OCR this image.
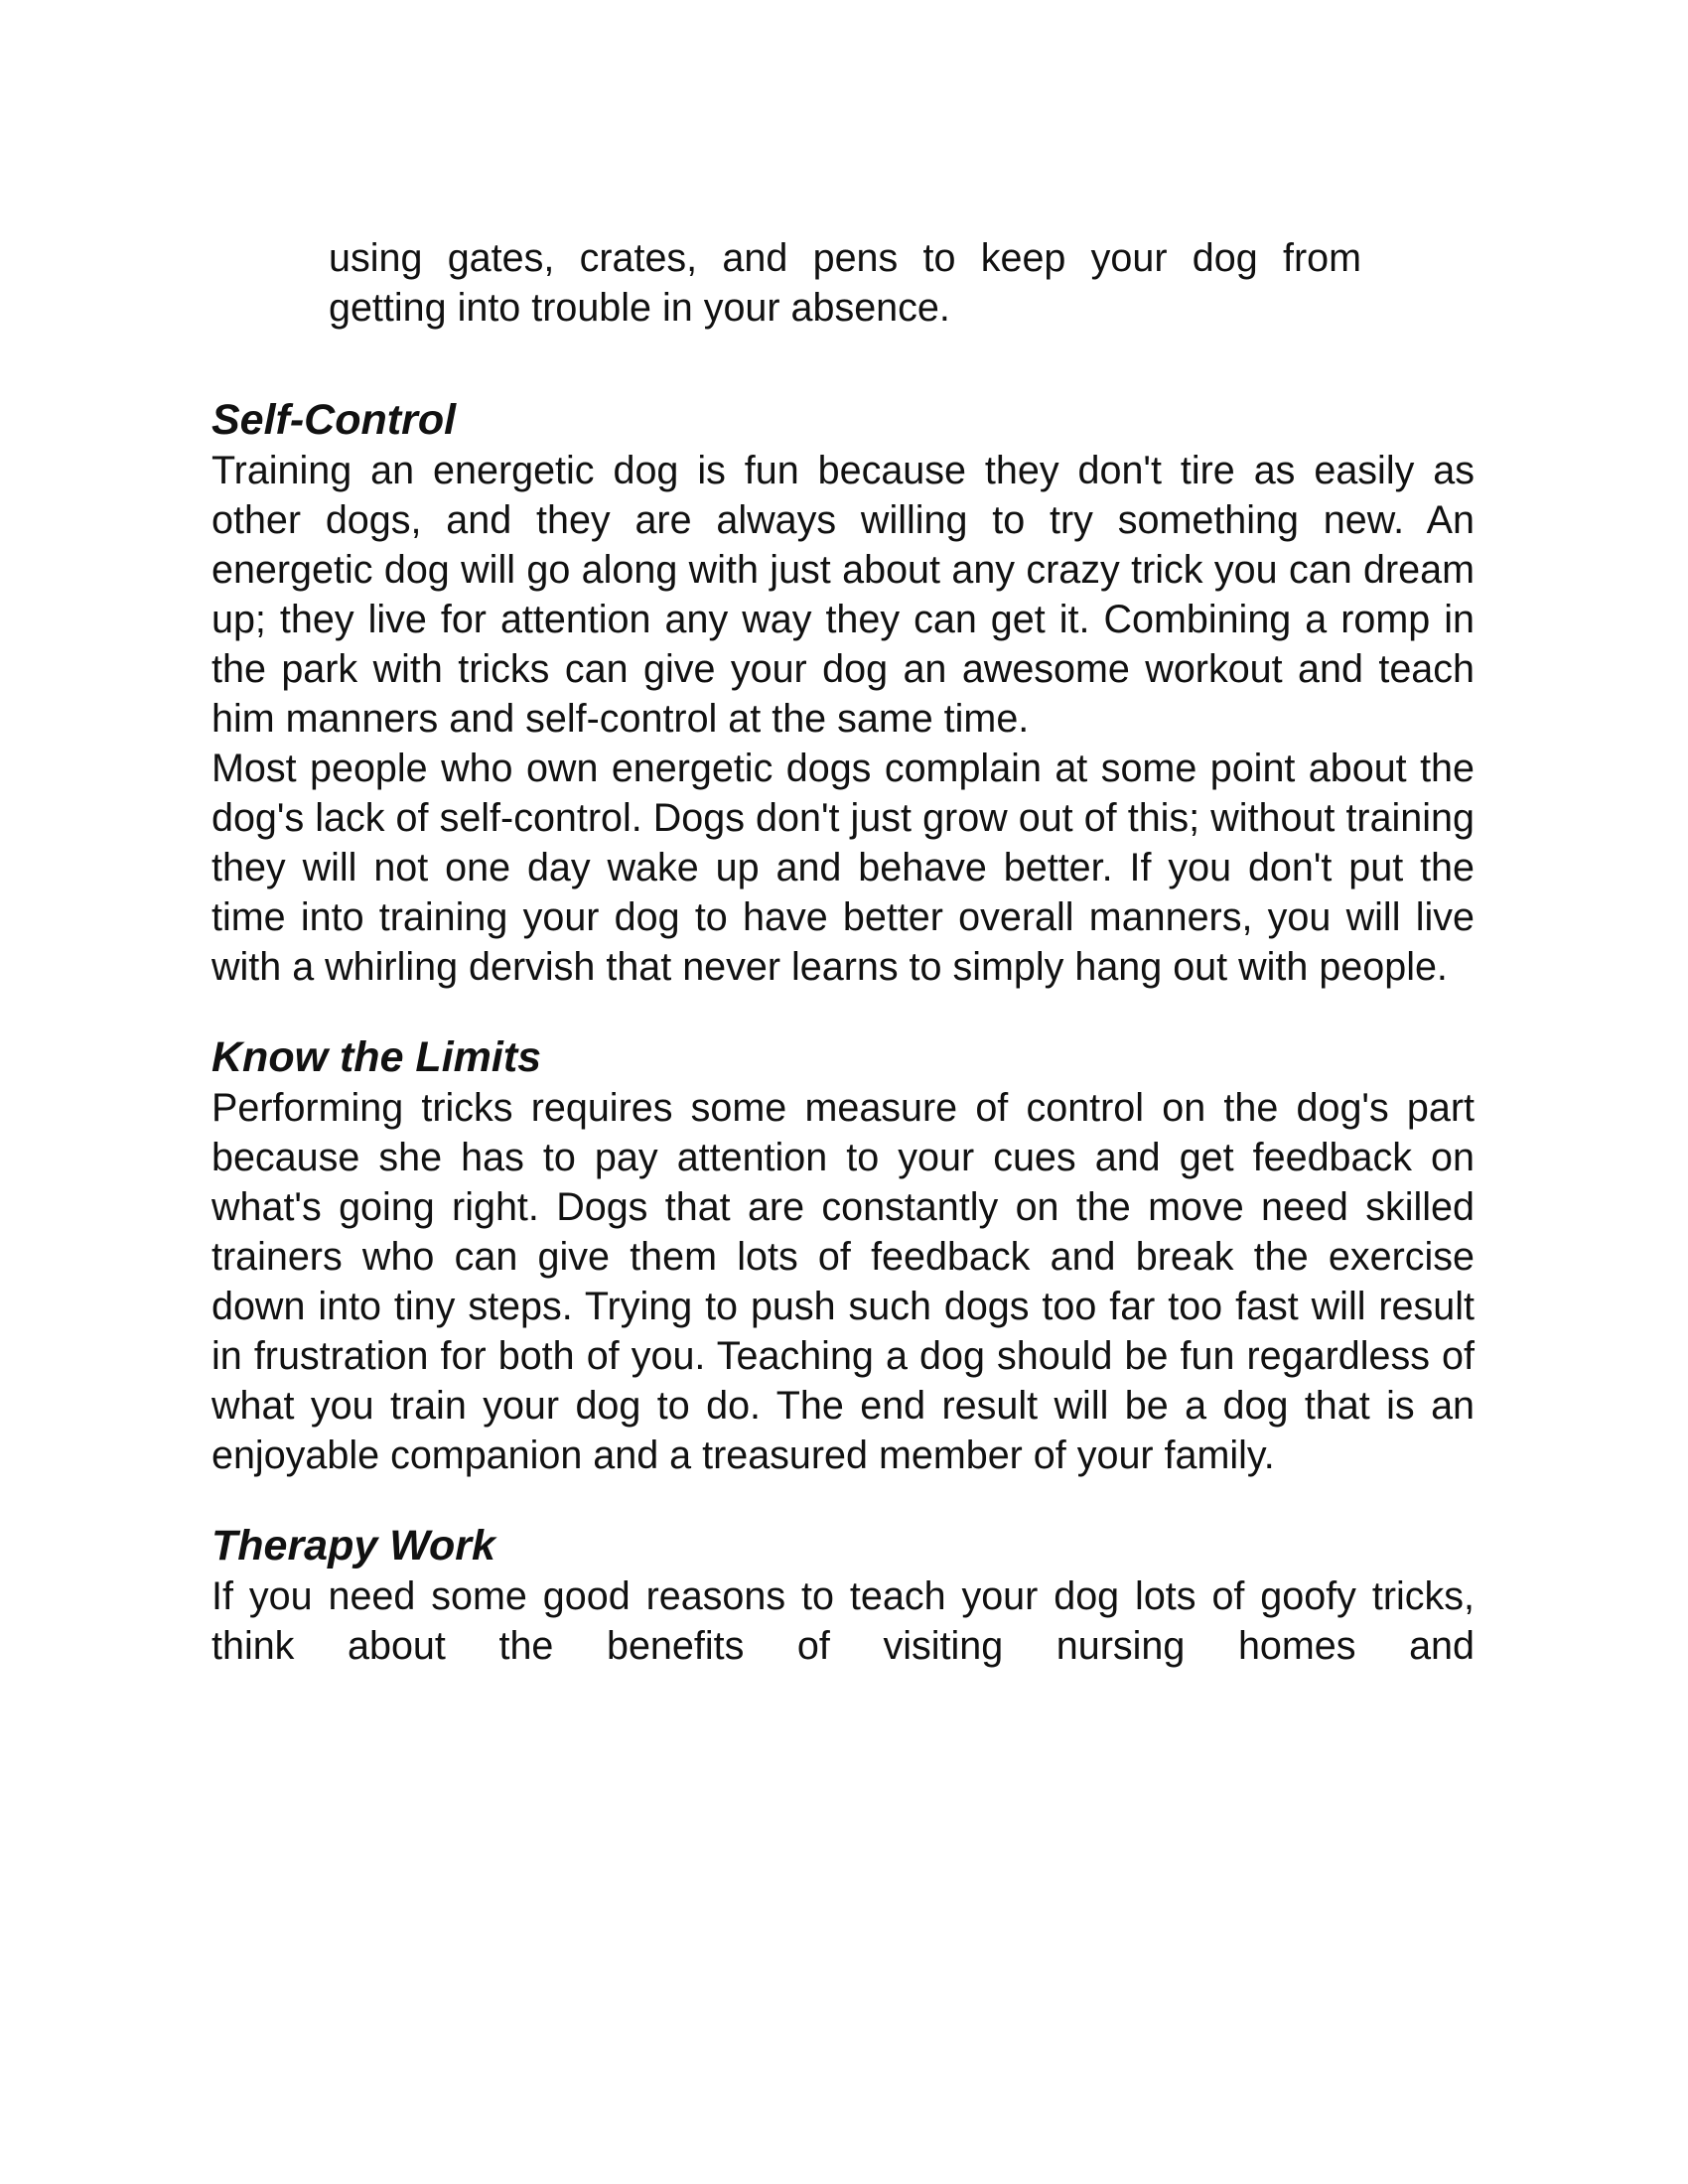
using gates, crates, and pens to keep your dog from getting into trouble in your absence.

Self-Control

Training an energetic dog is fun because they don't tire as easily as other dogs, and they are always willing to try something new. An energetic dog will go along with just about any crazy trick you can dream up; they live for attention any way they can get it. Combining a romp in the park with tricks can give your dog an awesome workout and teach him manners and self-control at the same time.

Most people who own energetic dogs complain at some point about the dog's lack of self-control. Dogs don't just grow out of this; without training they will not one day wake up and behave better. If you don't put the time into training your dog to have better overall manners, you will live with a whirling dervish that never learns to simply hang out with people.

Know the Limits

Performing tricks requires some measure of control on the dog's part because she has to pay attention to your cues and get feedback on what's going right. Dogs that are constantly on the move need skilled trainers who can give them lots of feedback and break the exercise down into tiny steps. Trying to push such dogs too far too fast will result in frustration for both of you. Teaching a dog should be fun regardless of what you train your dog to do. The end result will be a dog that is an enjoyable companion and a treasured member of your family.

Therapy Work

If you need some good reasons to teach your dog lots of goofy tricks, think about the benefits of visiting nursing homes and
